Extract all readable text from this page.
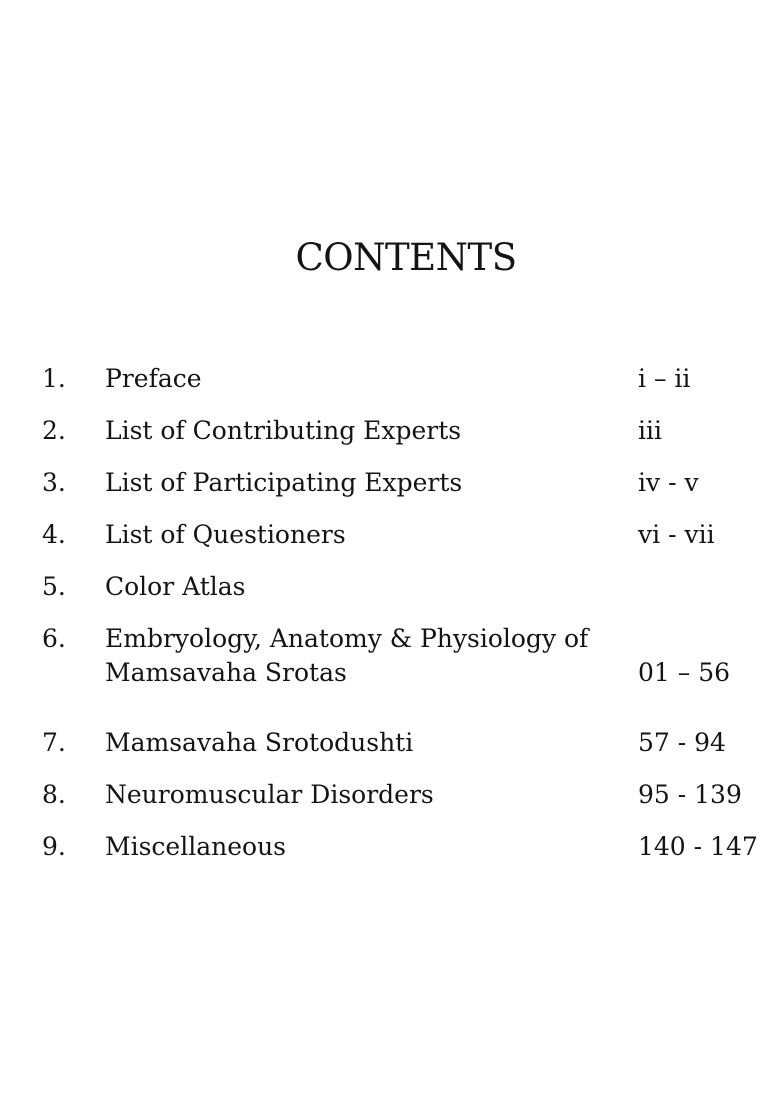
CONTENTS
1. Preface	i – ii
2. List of Contributing Experts	iii
3. List of Participating Experts	iv - v
4. List of Questioners	vi - vii
5. Color Atlas
6. Embryology, Anatomy & Physiology of
Mamsavaha Srotas	01 – 56
7. Mamsavaha Srotodushti	57 - 94
8. Neuromuscular Disorders	95 - 139
9. Miscellaneous	140 - 147
